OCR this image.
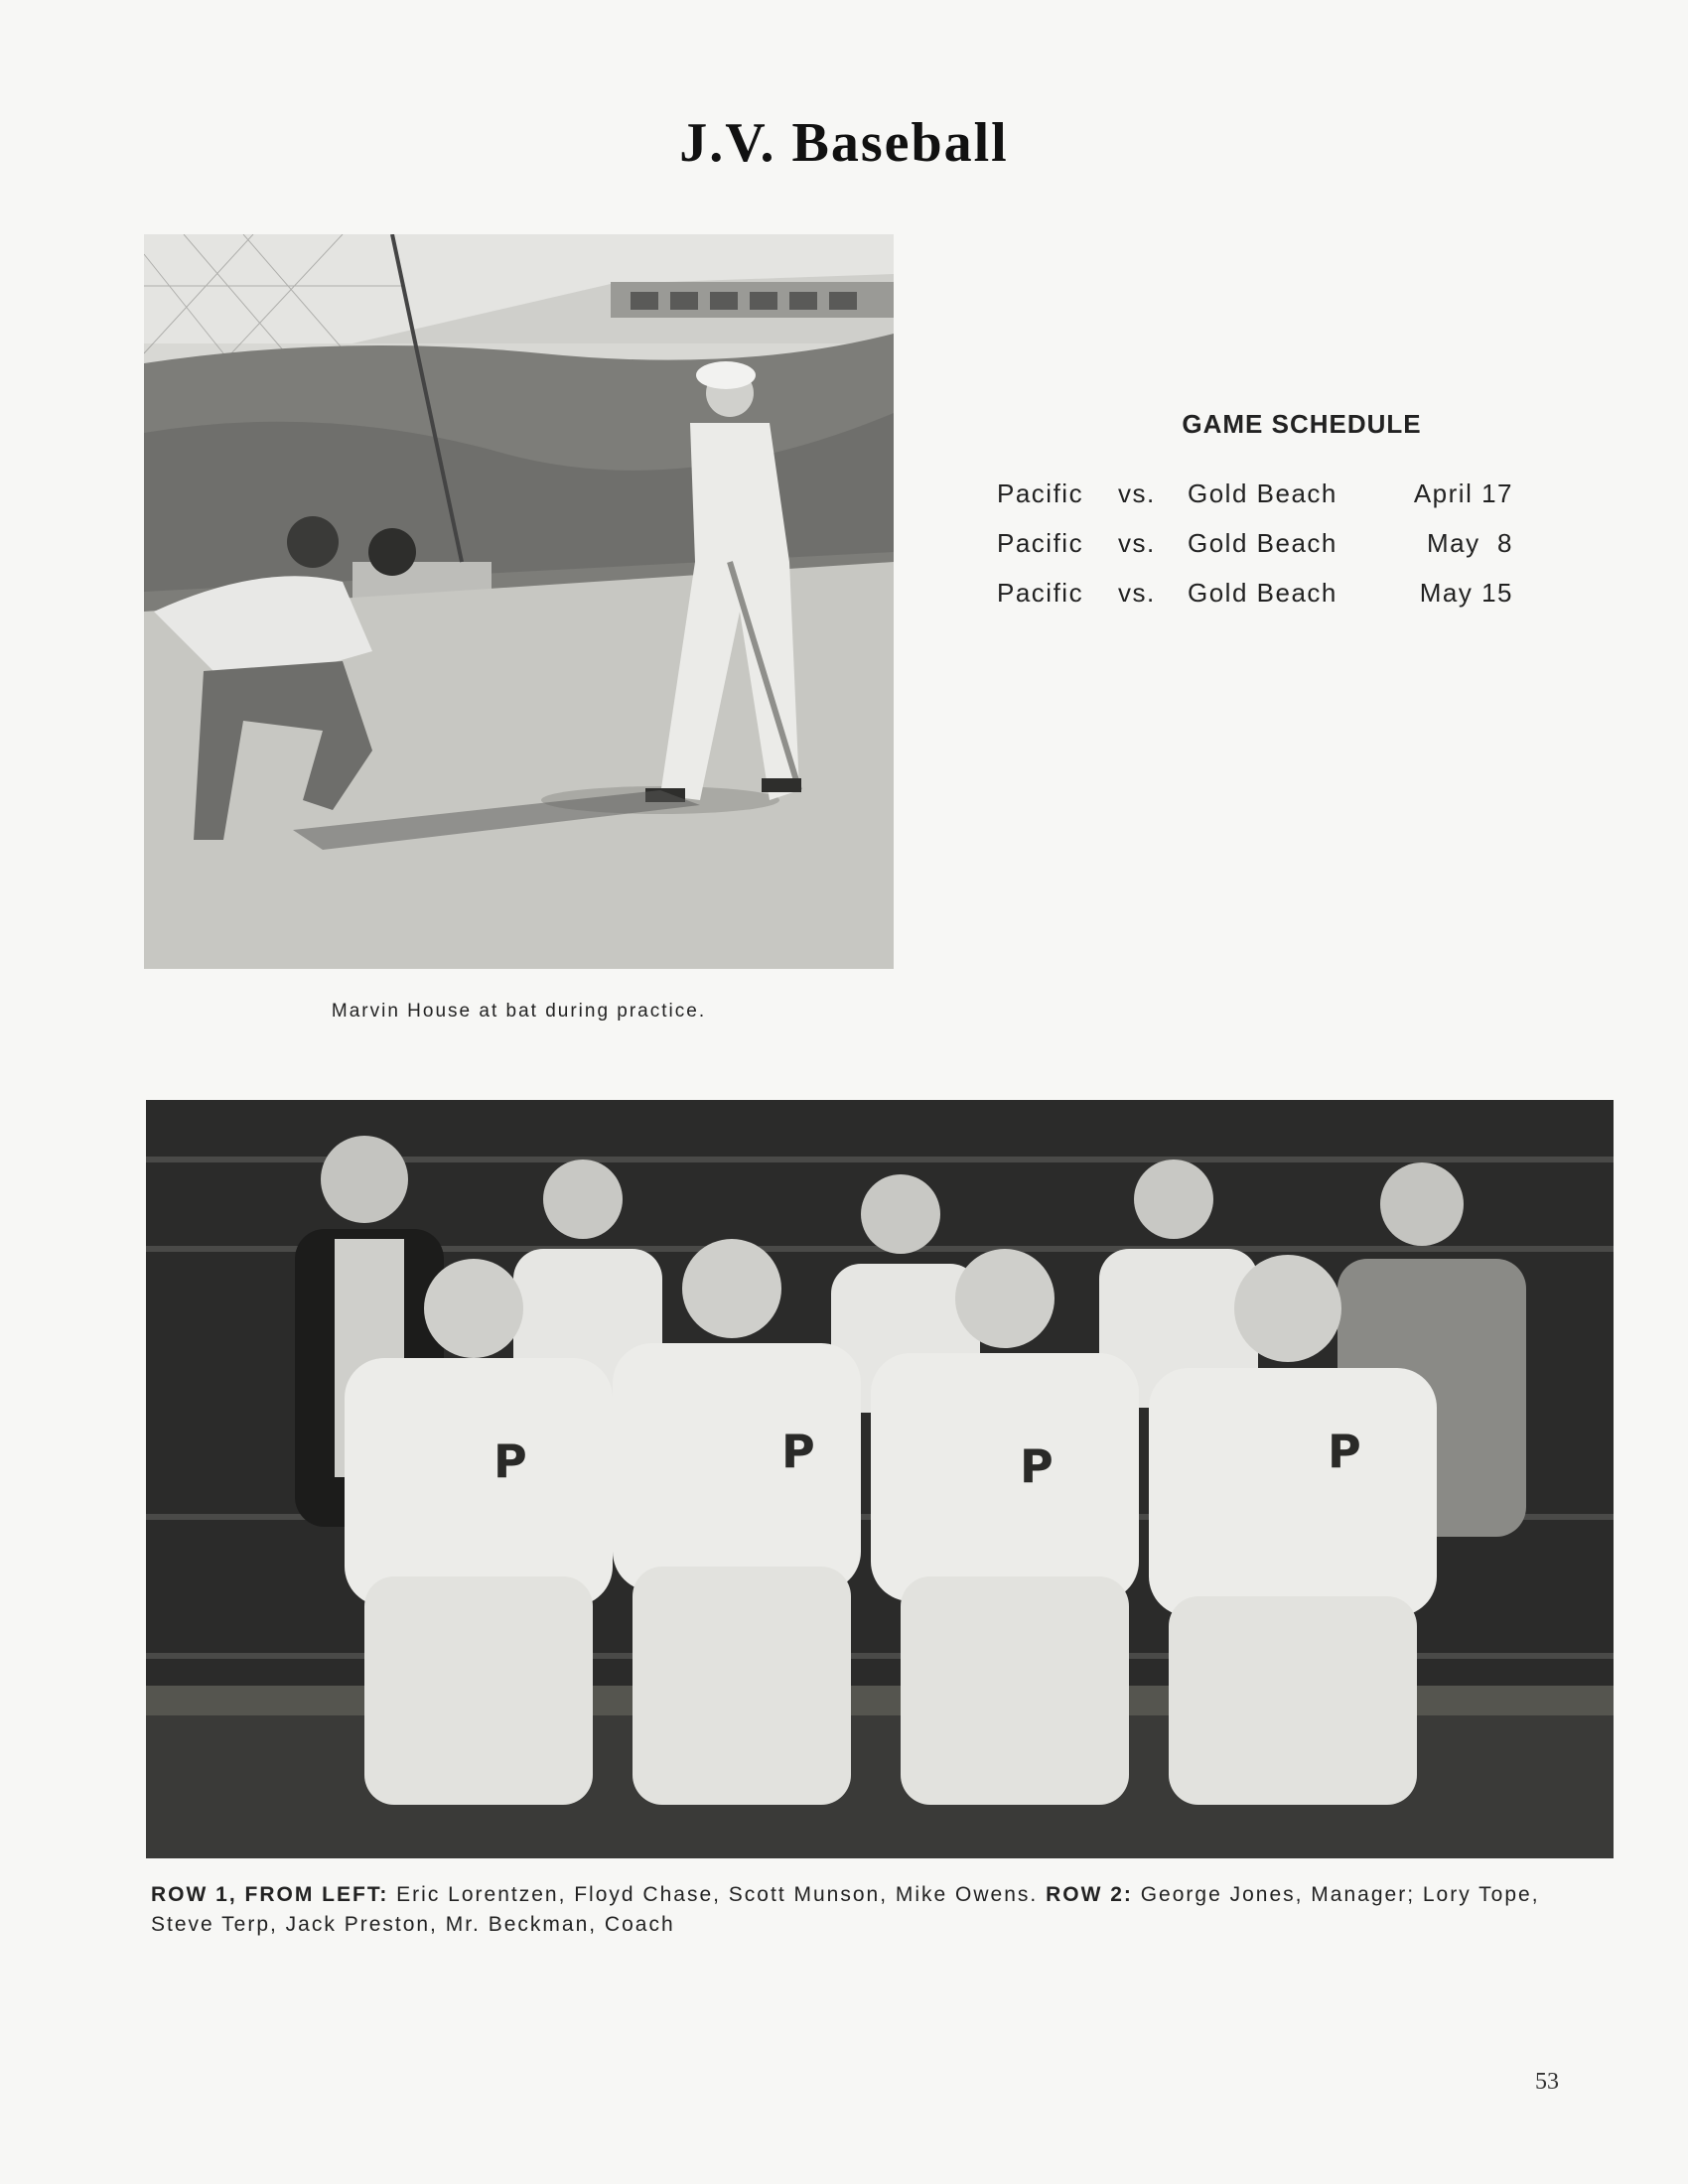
J.V. Baseball
Marvin House at bat during practice.
GAME SCHEDULE
Pacific vs. Gold Beach	April 17
Pacific vs. Gold Beach	May  8
Pacific vs. Gold Beach	May 15
P	P	P	P
ROW 1, FROM LEFT: Eric Lorentzen, Floyd Chase, Scott Munson, Mike Owens. ROW 2: George Jones, Manager; Lory Tope, Steve Terp, Jack Preston, Mr. Beckman, Coach
53
